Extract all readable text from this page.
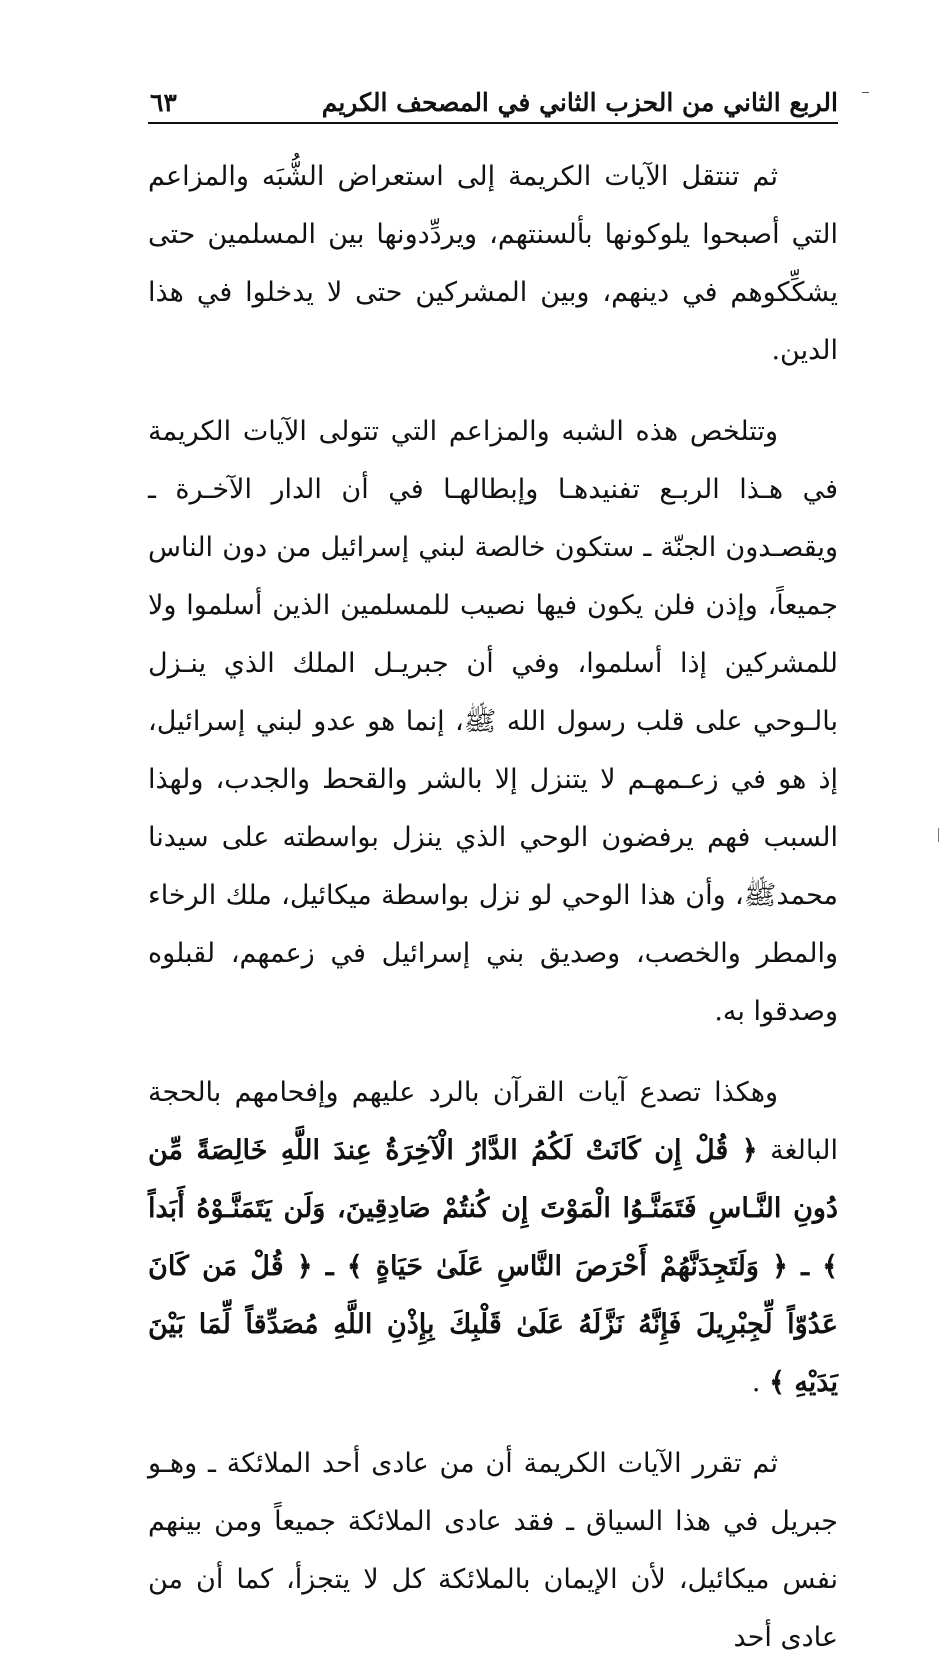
الربع الثاني من الحزب الثاني في المصحف الكريم
٦٣

ثم تنتقل الآيات الكريمة إلى استعراض الشُّبَه والمزاعم التي أصبحوا يلوكونها بألسنتهم، ويردِّدونها بين المسلمين حتى يشكِّكوهم في دينهم، وبين المشركين حتى لا يدخلوا في هذا الدين.

وتتلخص هذه الشبه والمزاعم التي تتولى الآيات الكريمة في هـذا الربـع تفنيدهـا وإبطالهـا في أن الدار الآخـرة ـ ويقصـدون الجنّة ـ ستكون خالصة لبني إسرائيل من دون الناس جميعاً، وإذن فلن يكون فيها نصيب للمسلمين الذين أسلموا ولا للمشركين إذا أسلموا، وفي أن جبريـل الملك الذي ينـزل بالـوحي على قلب رسول الله ﷺ، إنما هو عدو لبني إسرائيل، إذ هو في زعـمهـم لا يتنزل إلا بالشر والقحط والجدب، ولهذا السبب فهم يرفضون الوحي الذي ينزل بواسطته على سيدنا محمدﷺ، وأن هذا الوحي لو نزل بواسطة ميكائيل، ملك الرخاء والمطر والخصب، وصديق بني إسرائيل في زعمهم، لقبلوه وصدقوا به.

وهكذا تصدع آيات القرآن بالرد عليهم وإفحامهم بالحجة البالغة ﴿ قُلْ إِن كَانَتْ لَكُمُ الدَّارُ الْآخِرَةُ عِندَ اللَّهِ خَالِصَةً مِّن دُونِ النَّـاسِ فَتَمَنَّـوُا الْمَوْتَ إِن كُنتُمْ صَادِقِينَ، وَلَن يَتَمَنَّـوْهُ أَبَداً ﴾ ـ ﴿ وَلَتَجِدَنَّهُمْ أَحْرَصَ النَّاسِ عَلَىٰ حَيَاةٍ ﴾ ـ ﴿ قُلْ مَن كَانَ عَدُوّاً لِّجِبْرِيلَ فَإِنَّهُ نَزَّلَهُ عَلَىٰ قَلْبِكَ بِإِذْنِ اللَّهِ مُصَدِّقاً لِّمَا بَيْنَ يَدَيْهِ ﴾ .

ثم تقرر الآيات الكريمة أن من عادى أحد الملائكة ـ وهـو جبريل في هذا السياق ـ فقد عادى الملائكة جميعاً ومن بينهم نفس ميكائيل، لأن الإيمان بالملائكة كل لا يتجزأ، كما أن من عادى أحد
